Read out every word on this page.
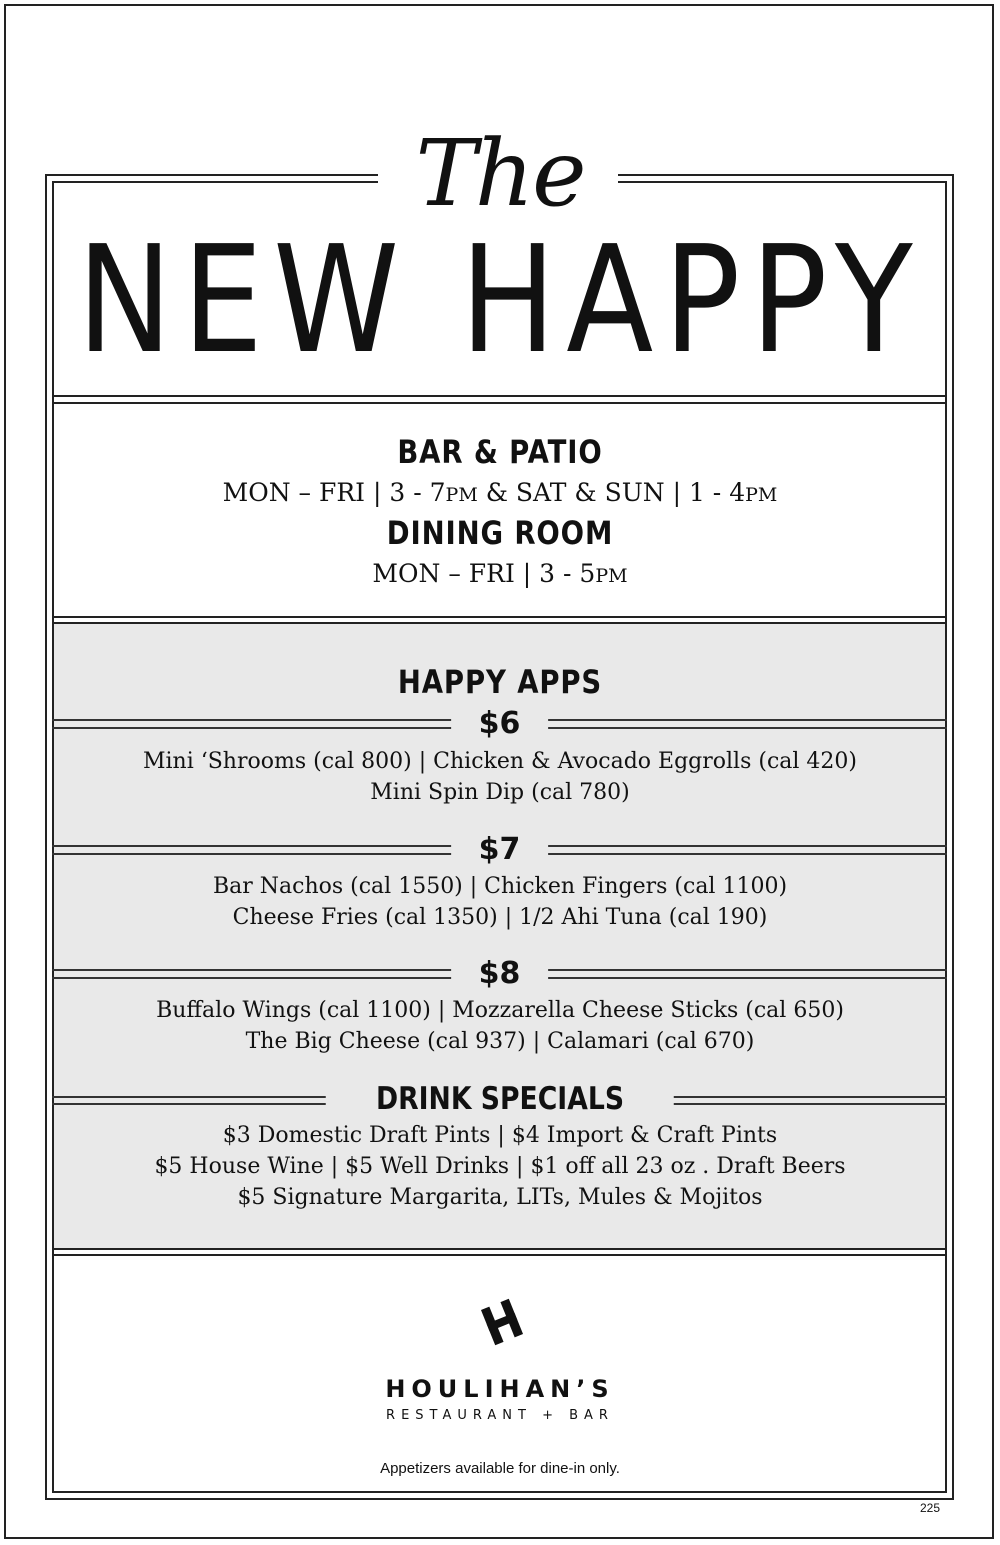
The
NEW HAPPY
BAR & PATIO
MON – FRI | 3 - 7PM & SAT & SUN | 1 - 4PM
DINING ROOM
MON – FRI | 3 - 5PM
HAPPY APPS
$6
Mini ‘Shrooms (cal 800) | Chicken & Avocado Eggrolls (cal 420)
Mini Spin Dip (cal 780)
$7
Bar Nachos (cal 1550) | Chicken Fingers (cal 1100)
Cheese Fries (cal 1350) | 1/2 Ahi Tuna (cal 190)
$8
Buffalo Wings (cal 1100) | Mozzarella Cheese Sticks (cal 650)
The Big Cheese (cal 937) | Calamari (cal 670)
DRINK SPECIALS
$3 Domestic Draft Pints | $4 Import & Craft Pints
$5 House Wine | $5 Well Drinks | $1 off all 23 oz . Draft Beers
$5 Signature Margarita, LITs, Mules & Mojitos
HOULIHAN’S
RESTAURANT + BAR
Appetizers available for dine-in only.
225
